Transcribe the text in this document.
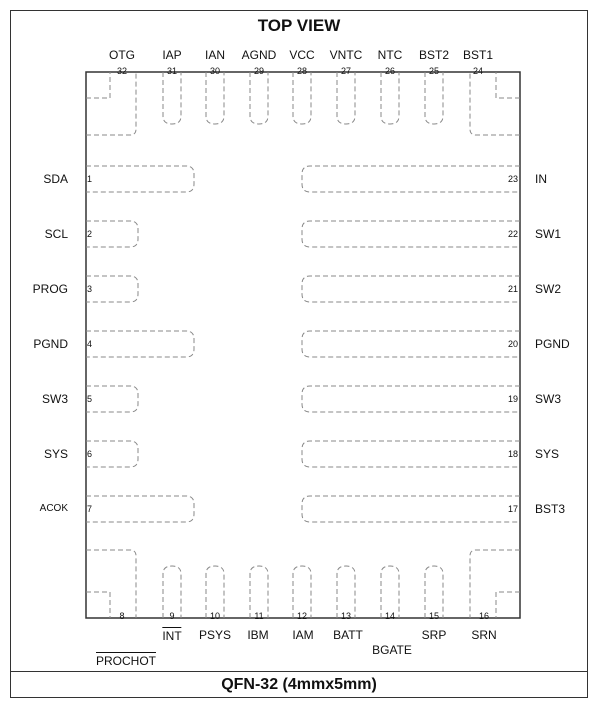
TOP VIEW
QFN-32 (4mmx5mm)
OTG
32
IAP
31
IAN
30
AGND
29
VCC
28
VNTC
27
NTC
26
BST2
25
BST1
24
8	9	10	11	12	13	14	15	16
PROCHOT
INT PSYS IBM IAM BATT
BGATE
SRP SRN
SDA 1
SCL 2
PROG 3
PGND 4
SW3 5
SYS 6
ACOK 7
IN
23
SW1
22
SW2
21
PGND
20
SW3
19
SYS
18
BST3
17
